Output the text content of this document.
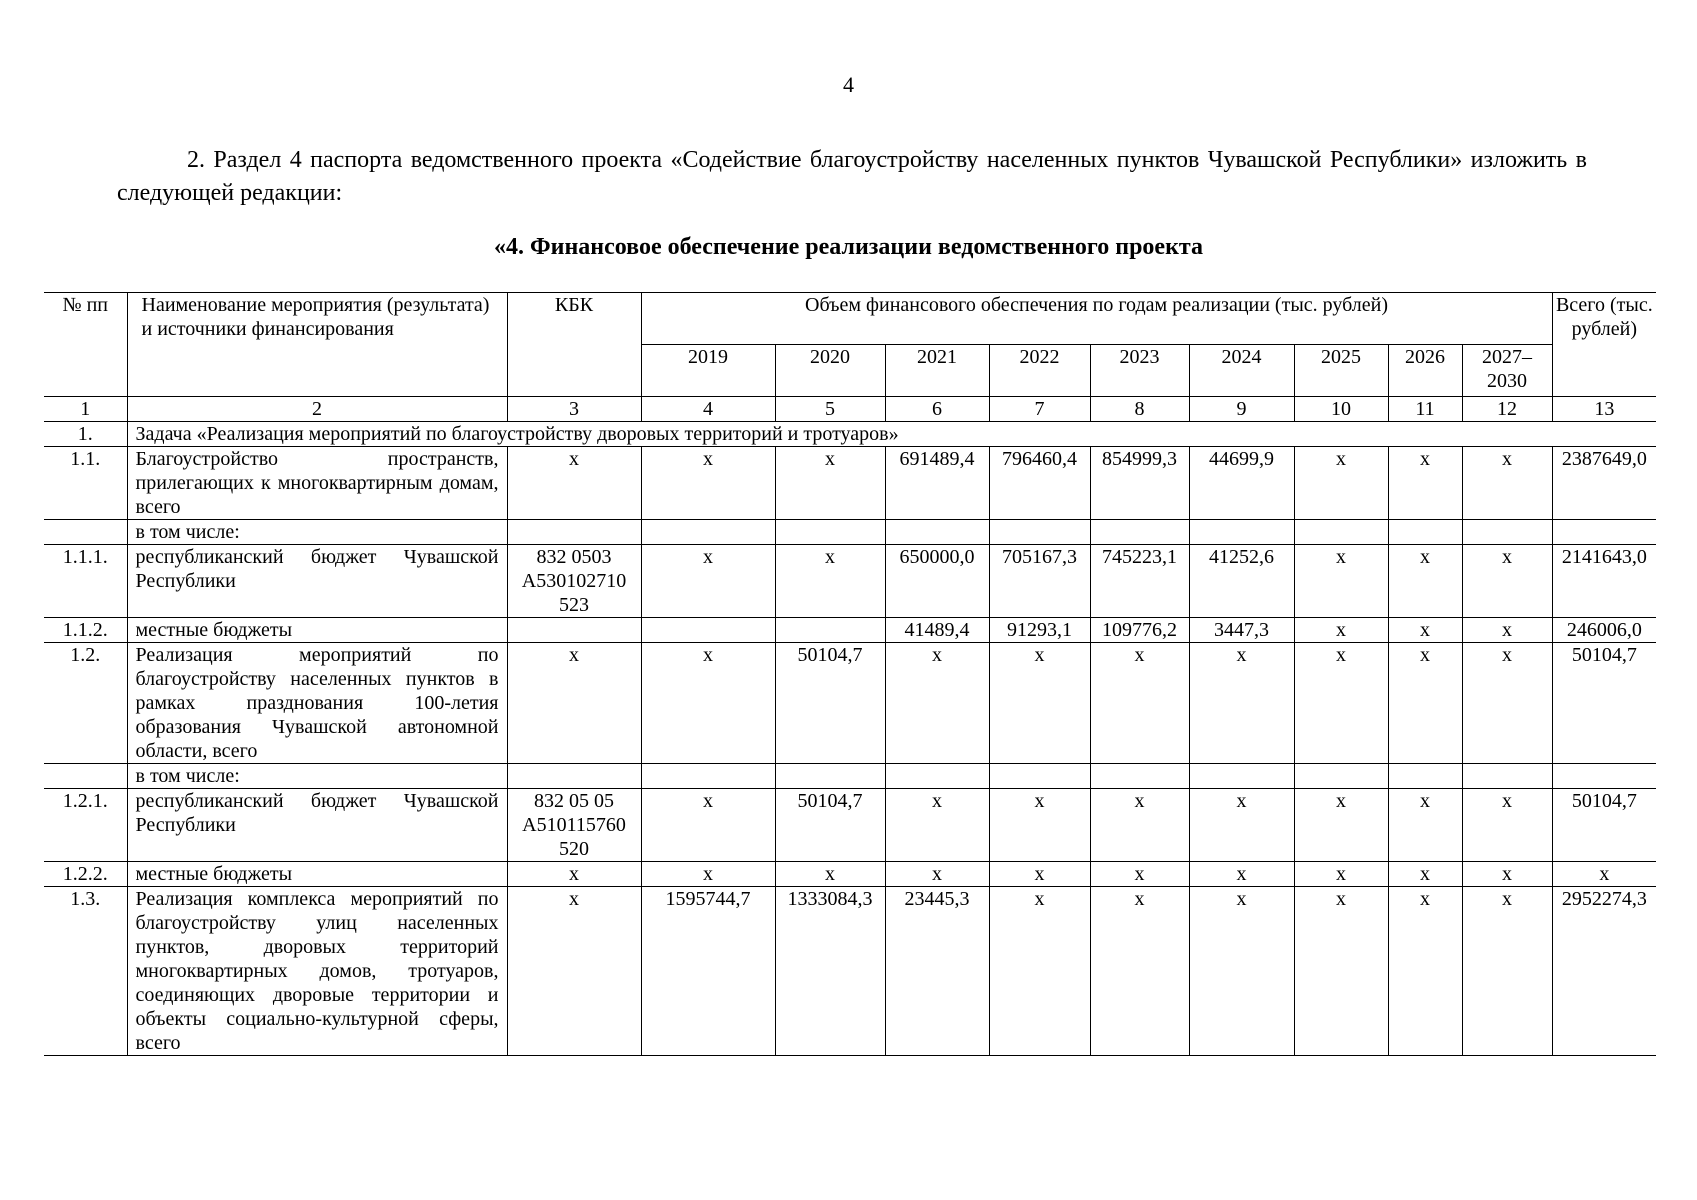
4

2. Раздел 4 паспорта ведомственного проекта «Содействие благоустройству населенных пунктов Чувашской Республики» изложить в следующей редакции:

«4. Финансовое обеспечение реализации ведомственного проекта
№ пп	Наименование мероприятия (результата) и источники финансирования	КБК	Объем финансового обеспечения по годам реализации (тыс. рублей)									Всего (тыс. рублей)
			2019	2020	2021	2022	2023	2024	2025	2026	2027–2030	
1	2	3	4	5	6	7	8	9	10	11	12	13
1.	Задача «Реализация мероприятий по благоустройству дворовых территорий и тротуаров»											
1.1.	Благоустройство пространств, прилегающих к многоквартирным домам, всего	x	x	x	691489,4	796460,4	854999,3	44699,9	x	x	x	2387649,0
	в том числе:											
1.1.1.	республиканский бюджет Чувашской Республики	832 0503 А530102710 523	x	x	650000,0	705167,3	745223,1	41252,6	x	x	x	2141643,0
1.1.2.	местные бюджеты				41489,4	91293,1	109776,2	3447,3	x	x	x	246006,0
1.2.	Реализация мероприятий по благоустройству населенных пунктов в рамках празднования 100-летия образования Чувашской автономной области, всего	x	x	50104,7	x	x	x	x	x	x	x	50104,7
	в том числе:											
1.2.1.	республиканский бюджет Чувашской Республики	832 05 05 А510115760 520	x	50104,7	x	x	x	x	x	x	x	50104,7
1.2.2.	местные бюджеты	x	x	x	x	x	x	x	x	x	x	x
1.3.	Реализация комплекса мероприятий по благоустройству улиц населенных пунктов, дворовых территорий многоквартирных домов, тротуаров, соединяющих дворовые территории и объекты социально-культурной сферы, всего	x	1595744,7	1333084,3	23445,3	x	x	x	x	x	x	2952274,3
